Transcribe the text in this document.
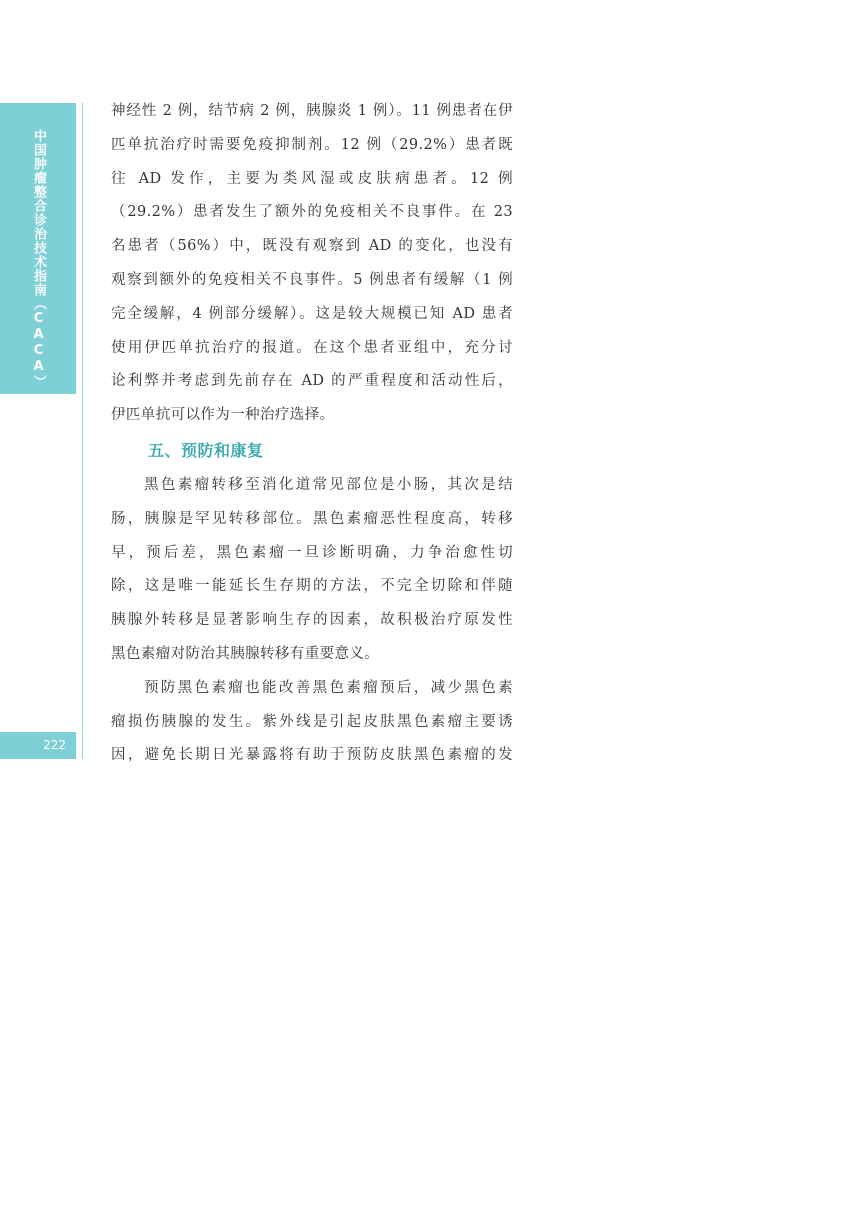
中国肿瘤整合诊治技术指南（CACA）
222

神经性 2 例，结节病 2 例，胰腺炎 1 例）。11 例患者在伊

匹单抗治疗时需要免疫抑制剂。12 例（29.2%）患者既

往 AD 发作，主要为类风湿或皮肤病患者。12 例

（29.2%）患者发生了额外的免疫相关不良事件。在 23

名患者（56%）中，既没有观察到 AD 的变化，也没有

观察到额外的免疫相关不良事件。5 例患者有缓解（1 例

完全缓解，4 例部分缓解）。这是较大规模已知 AD 患者

使用伊匹单抗治疗的报道。在这个患者亚组中，充分讨

论利弊并考虑到先前存在 AD 的严重程度和活动性后，

伊匹单抗可以作为一种治疗选择。

五、预防和康复

黑色素瘤转移至消化道常见部位是小肠，其次是结

肠，胰腺是罕见转移部位。黑色素瘤恶性程度高，转移

早，预后差，黑色素瘤一旦诊断明确，力争治愈性切

除，这是唯一能延长生存期的方法，不完全切除和伴随

胰腺外转移是显著影响生存的因素，故积极治疗原发性

黑色素瘤对防治其胰腺转移有重要意义。

预防黑色素瘤也能改善黑色素瘤预后，减少黑色素

瘤损伤胰腺的发生。紫外线是引起皮肤黑色素瘤主要诱

因，避免长期日光暴露将有助于预防皮肤黑色素瘤的发
